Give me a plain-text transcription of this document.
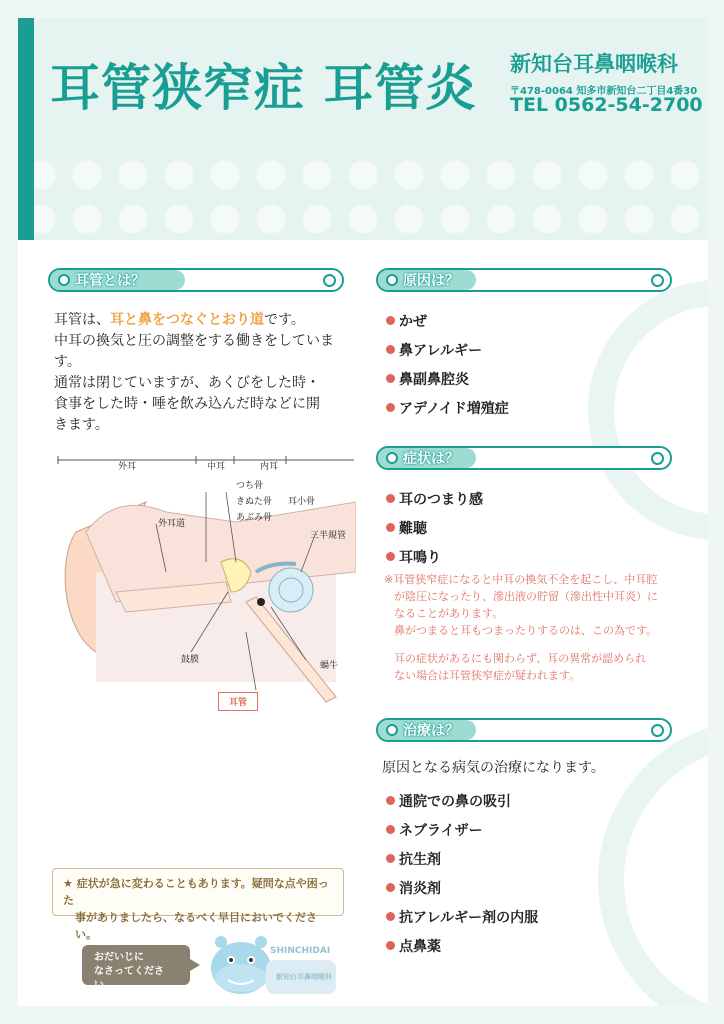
耳管狭窄症 耳管炎 新知台耳鼻咽喉科
〒478-0064 知多市新知台二丁目4番30
TEL 0562-54-2700
耳管とは？
耳管は、耳と鼻をつなぐとおり道です。
中耳の換気と圧の調整をする働きをしていま
す。
通常は閉じていますが、あくびをした時・
食事をした時・唾を飲み込んだ時などに開
きます。
外耳	中耳	内耳
つち骨
きぬた骨 耳小骨
あぶみ骨
外耳道
三半規管
鼓膜
蝸牛
耳管
原因は？
かぜ
鼻アレルギー
鼻副鼻腔炎
アデノイド増殖症
症状は？
耳のつまり感
難聴
耳鳴り
※耳管狭窄症になると中耳の換気不全を起こし、中耳腔
が陰圧になったり、滲出液の貯留（滲出性中耳炎）に
なることがあります。
鼻がつまると耳もつまったりするのは、この為です。
耳の症状があるにも関わらず、耳の異常が認められ
ない場合は耳管狭窄症が疑われます。
治療は？
原因となる病気の治療になります。
通院での鼻の吸引
ネブライザー
抗生剤
消炎剤
抗アレルギー剤の内服
点鼻薬
★ 症状が急に変わることもあります。疑問な点や困った
事がありましたら、なるべく早目においでください。
おだいじに
なさってください。
SHINCHIDAI
新知台耳鼻咽喉科
